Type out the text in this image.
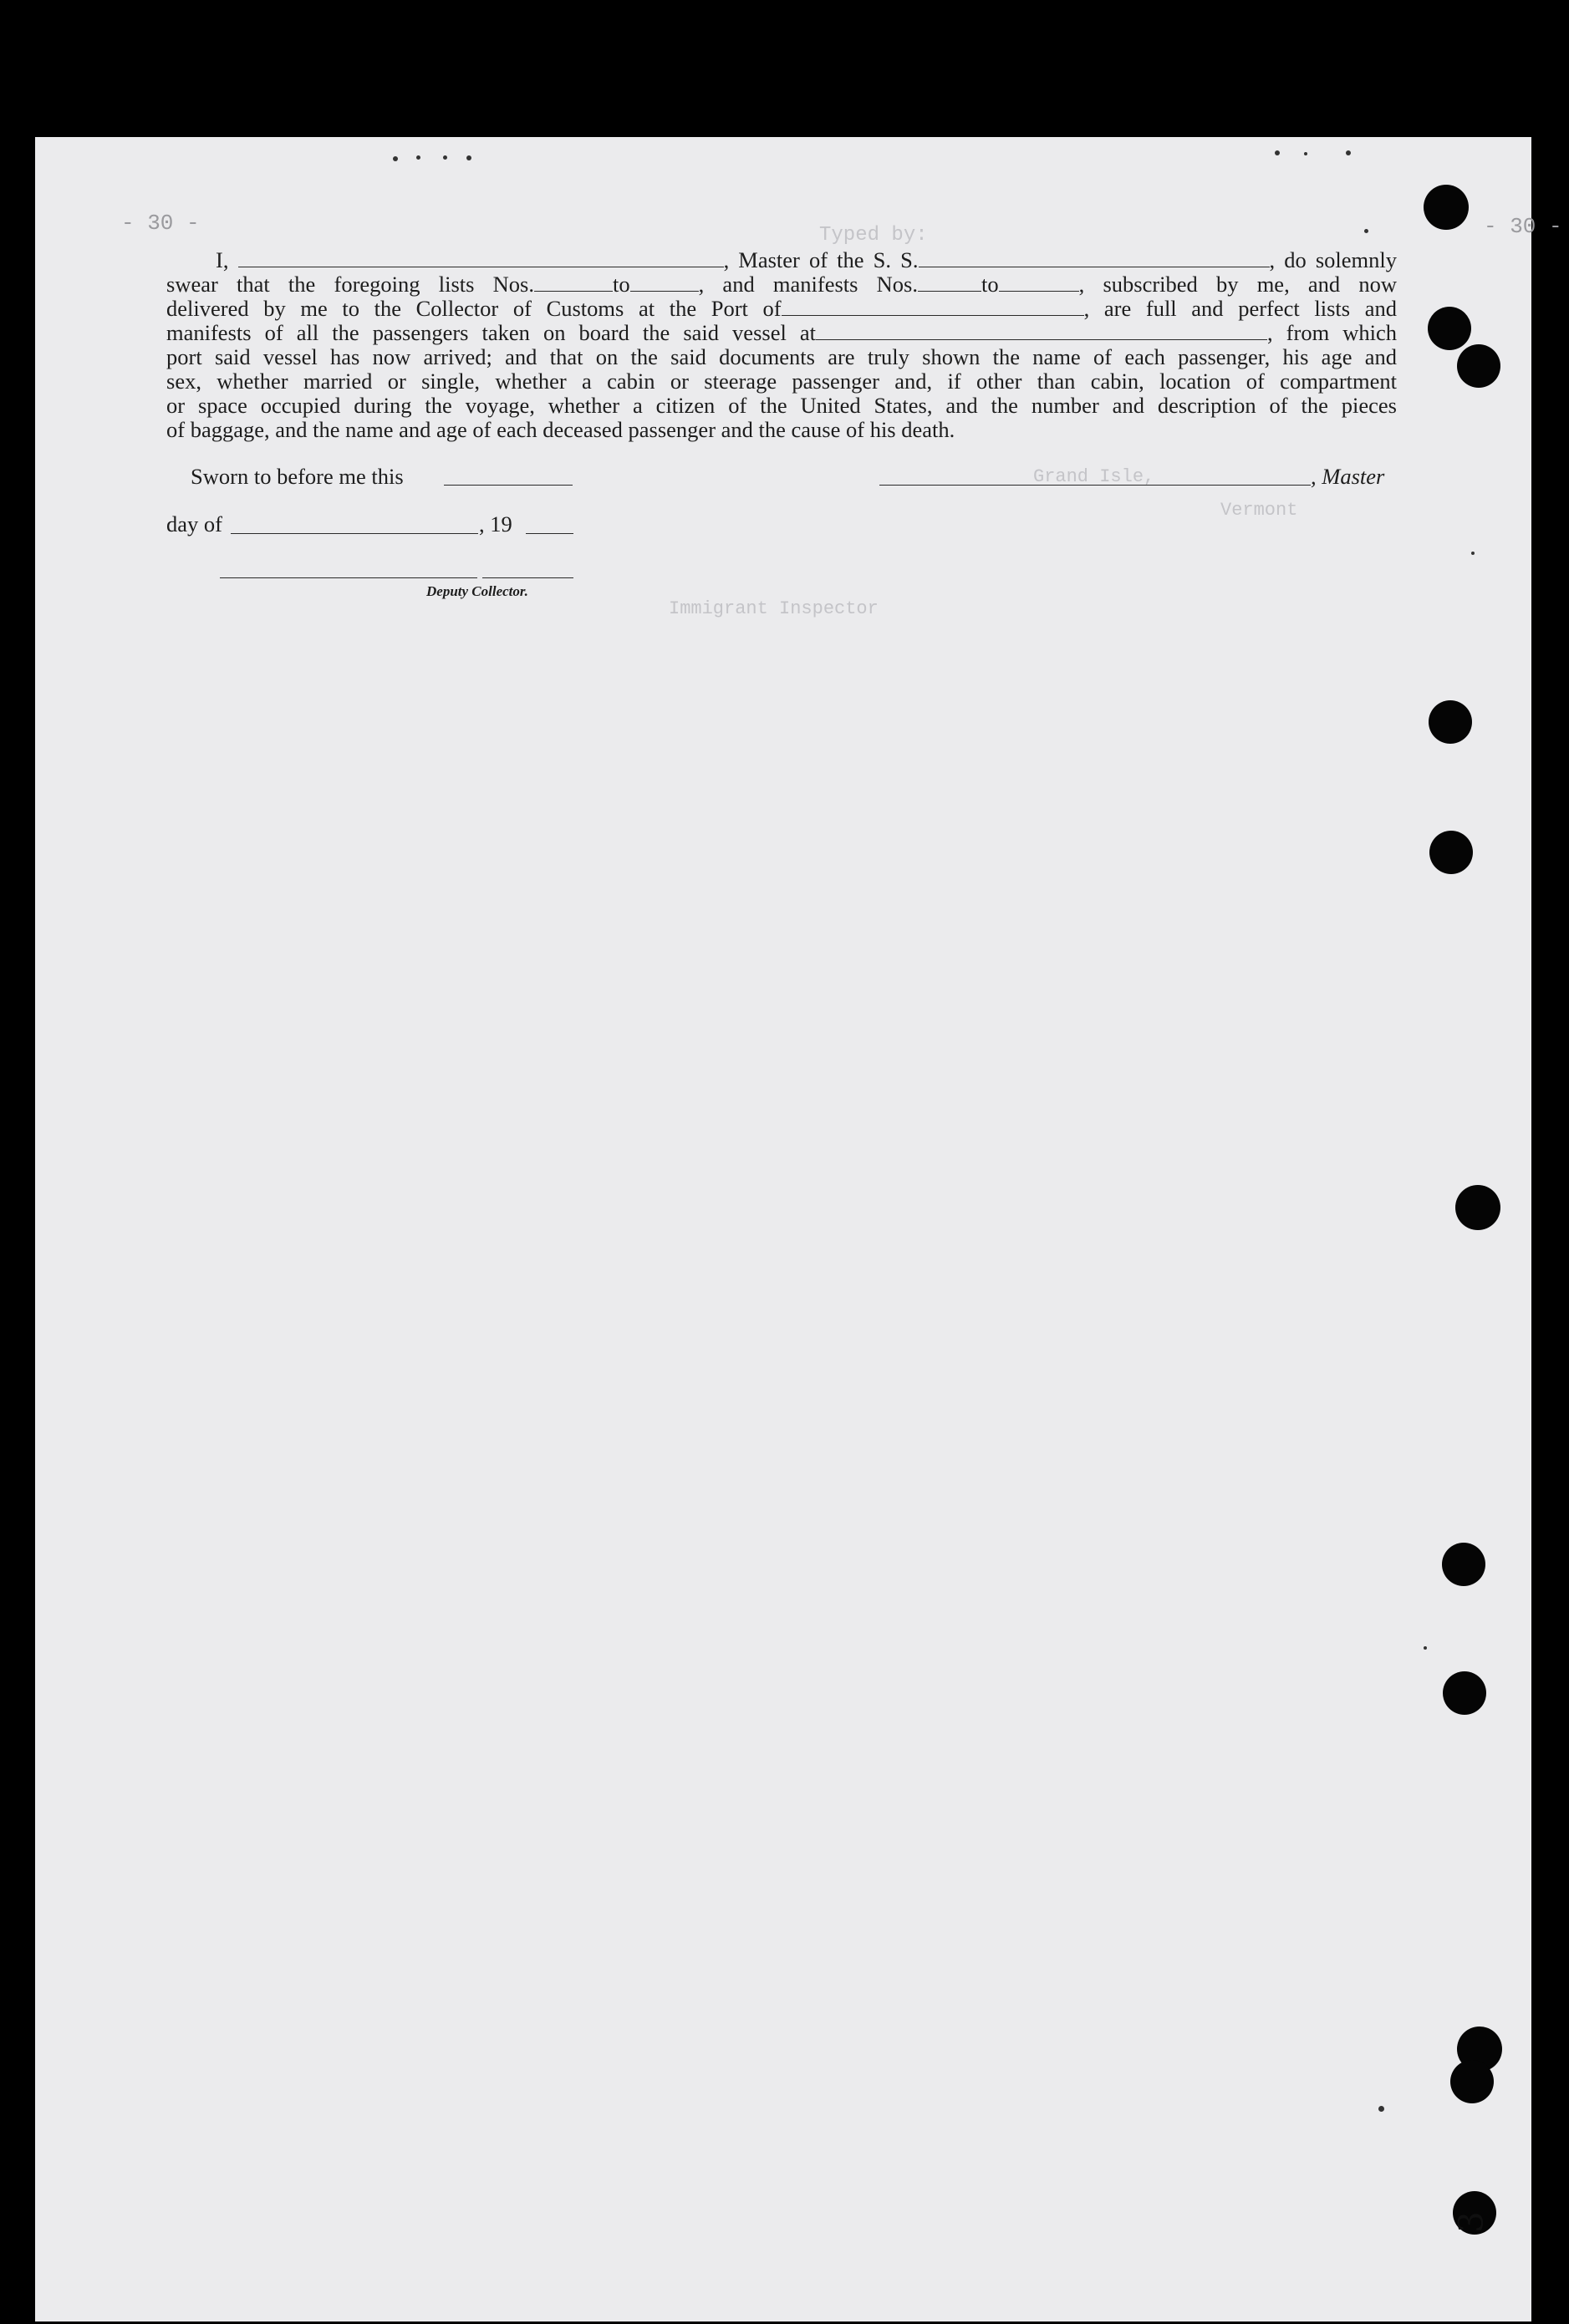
Typed by:
Grand Isle,
Vermont
Immigrant Inspector
- 30 -	- 30 -
I,	, Master of the S. S.	, do solemnly
swear that the foregoing lists Nos.	to	, and manifests Nos.	to	, subscribed by me, and now
delivered by me to the Collector of Customs at the Port of	, are full and perfect lists and
manifests of all the passengers taken on board the said vessel at	, from which
port said vessel has now arrived; and that on the said documents are truly shown the name of each passenger, his age and
sex, whether married or single, whether a cabin or steerage passenger and, if other than cabin, location of compartment
or space occupied during the voyage, whether a citizen of the United States, and the number and description of the pieces
of baggage, and the name and age of each deceased passenger and the cause of his death.
Sworn to before me this	, Master
day of	, 19
Deputy Collector.
3
